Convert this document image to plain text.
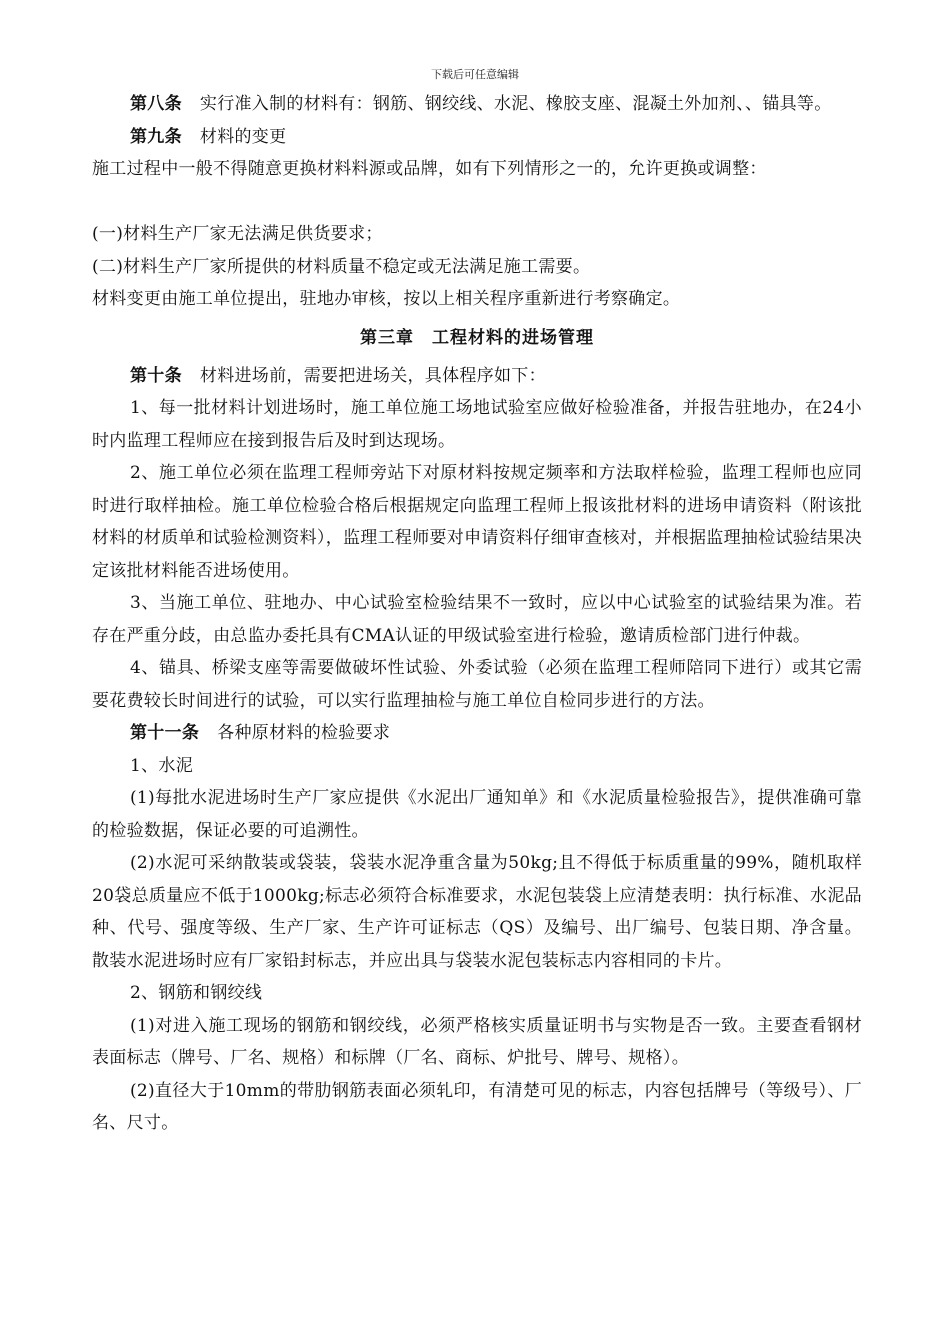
下载后可任意编辑

第八条 实行准入制的材料有：钢筋、钢绞线、水泥、橡胶支座、混凝土外加剂、、锚具等。

第九条 材料的变更

施工过程中一般不得随意更换材料料源或品牌，如有下列情形之一的，允许更换或调整：

(一)材料生产厂家无法满足供货要求；

(二)材料生产厂家所提供的材料质量不稳定或无法满足施工需要。

材料变更由施工单位提出，驻地办审核，按以上相关程序重新进行考察确定。

第三章　工程材料的进场管理

第十条 材料进场前，需要把进场关，具体程序如下：

1、每一批材料计划进场时，施工单位施工场地试验室应做好检验准备，并报告驻地办，在24小时内监理工程师应在接到报告后及时到达现场。

2、施工单位必须在监理工程师旁站下对原材料按规定频率和方法取样检验，监理工程师也应同时进行取样抽检。施工单位检验合格后根据规定向监理工程师上报该批材料的进场申请资料（附该批材料的材质单和试验检测资料），监理工程师要对申请资料仔细审查核对，并根据监理抽检试验结果决定该批材料能否进场使用。

3、当施工单位、驻地办、中心试验室检验结果不一致时，应以中心试验室的试验结果为准。若存在严重分歧，由总监办委托具有CMA认证的甲级试验室进行检验，邀请质检部门进行仲裁。

4、锚具、桥梁支座等需要做破坏性试验、外委试验（必须在监理工程师陪同下进行）或其它需要花费较长时间进行的试验，可以实行监理抽检与施工单位自检同步进行的方法。

第十一条 各种原材料的检验要求

1、水泥

(1)每批水泥进场时生产厂家应提供《水泥出厂通知单》和《水泥质量检验报告》，提供准确可靠的检验数据，保证必要的可追溯性。

(2)水泥可采纳散装或袋装，袋装水泥净重含量为50kg;且不得低于标质重量的99%，随机取样20袋总质量应不低于1000kg;标志必须符合标准要求，水泥包装袋上应清楚表明：执行标准、水泥品种、代号、强度等级、生产厂家、生产许可证标志（QS）及编号、出厂编号、包装日期、净含量。散装水泥进场时应有厂家铅封标志，并应出具与袋装水泥包装标志内容相同的卡片。

2、钢筋和钢绞线

(1)对进入施工现场的钢筋和钢绞线，必须严格核实质量证明书与实物是否一致。主要查看钢材表面标志（牌号、厂名、规格）和标牌（厂名、商标、炉批号、牌号、规格）。

(2)直径大于10mm的带肋钢筋表面必须轧印，有清楚可见的标志，内容包括牌号（等级号）、厂名、尺寸。
